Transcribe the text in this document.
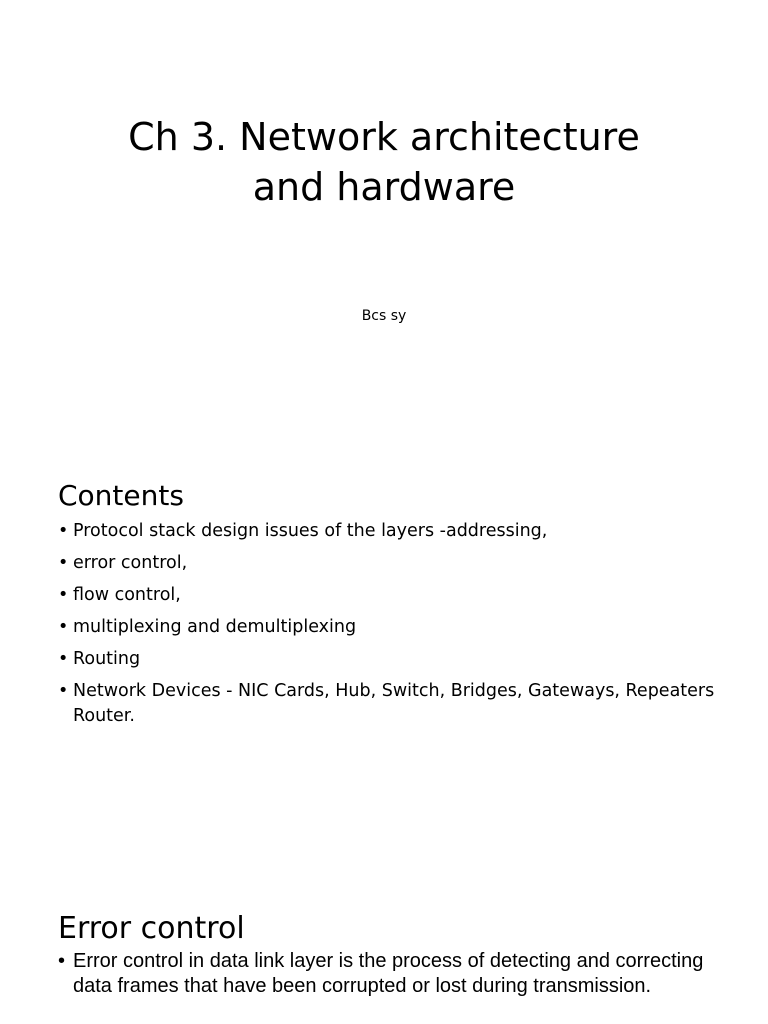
Ch 3. Network architecture
and hardware
Bcs sy
Contents
• Protocol stack design issues of the layers -addressing,
• error control,
• flow control,
• multiplexing and demultiplexing
• Routing
• Network Devices - NIC Cards, Hub, Switch, Bridges, Gateways, Repeaters Router.
Error control
• Error control in data link layer is the process of detecting and correcting data frames that have been corrupted or lost during transmission.
